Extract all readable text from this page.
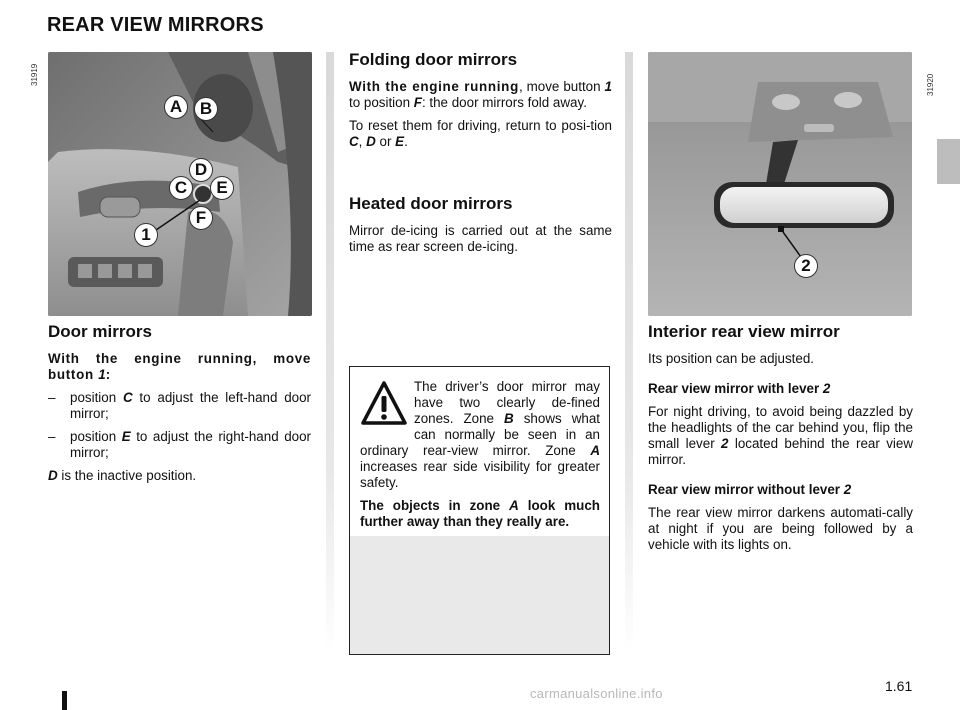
REAR VIEW MIRRORS
A	B
C
D
E
F
1
31919
2
31920
Door mirrors

With the engine running, move button 1:

–	position C to adjust the left-hand door mirror;
–	position E to adjust the right-hand door mirror;

D is the inactive position.

Folding door mirrors

With the engine running, move button 1 to position F: the door mirrors fold away.

To reset them for driving, return to posi-tion C, D or E.

Heated door mirrors
Mirror de-icing is carried out at the same time as rear screen de-icing.

The driver’s door mirror may have two clearly de-fined zones. Zone B shows what can normally be seen in an ordinary rear-view mirror. Zone A increases rear side visibility for greater safety.

The objects in zone A look much further away than they really are.

Interior rear view mirror

Its position can be adjusted.

Rear view mirror with lever 2

For night driving, to avoid being dazzled by the headlights of the car behind you, flip the small lever 2 located behind the rear view mirror.

Rear view mirror without lever 2

The rear view mirror darkens automati-cally at night if you are being followed by a vehicle with its lights on.

1.61
carmanualsonline.info
